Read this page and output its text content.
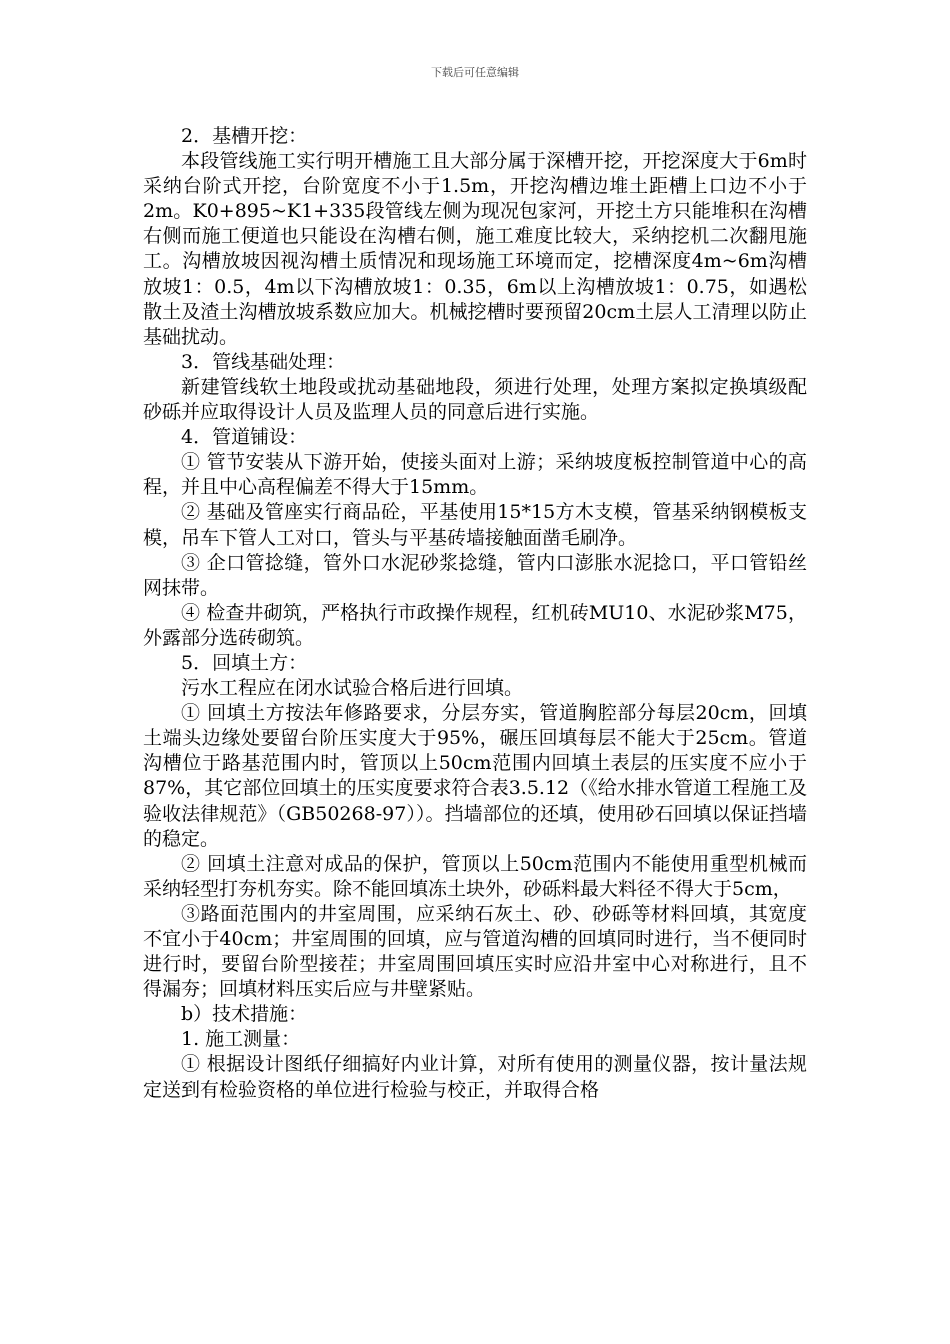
下载后可任意编辑

2．基槽开挖：

本段管线施工实行明开槽施工且大部分属于深槽开挖，开挖深度大于6m时采纳台阶式开挖，台阶宽度不小于1.5m，开挖沟槽边堆土距槽上口边不小于2m。K0+895~K1+335段管线左侧为现况包家河，开挖土方只能堆积在沟槽右侧而施工便道也只能设在沟槽右侧，施工难度比较大，采纳挖机二次翻甩施工。沟槽放坡因视沟槽土质情况和现场施工环境而定，挖槽深度4m~6m沟槽放坡1：0.5，4m以下沟槽放坡1：0.35，6m以上沟槽放坡1：0.75，如遇松散土及渣土沟槽放坡系数应加大。机械挖槽时要预留20cm土层人工清理以防止基础扰动。

3．管线基础处理：

新建管线软土地段或扰动基础地段，须进行处理，处理方案拟定换填级配砂砾并应取得设计人员及监理人员的同意后进行实施。

4．管道铺设：

① 管节安装从下游开始，使接头面对上游；采纳坡度板控制管道中心的高程，并且中心高程偏差不得大于15mm。

② 基础及管座实行商品砼，平基使用15*15方木支模，管基采纳钢模板支模，吊车下管人工对口，管头与平基砖墙接触面凿毛刷净。

③ 企口管捻缝，管外口水泥砂浆捻缝，管内口澎胀水泥捻口，平口管铅丝网抹带。

④ 检查井砌筑，严格执行市政操作规程，红机砖MU10、水泥砂浆M75，外露部分选砖砌筑。

5．回填土方：

污水工程应在闭水试验合格后进行回填。

① 回填土方按法年修路要求，分层夯实，管道胸腔部分每层20cm，回填土端头边缘处要留台阶压实度大于95%，碾压回填每层不能大于25cm。管道沟槽位于路基范围内时，管顶以上50cm范围内回填土表层的压实度不应小于87%，其它部位回填土的压实度要求符合表3.5.12（《给水排水管道工程施工及验收法律规范》（GB50268-97））。挡墙部位的还填，使用砂石回填以保证挡墙的稳定。

② 回填土注意对成品的保护，管顶以上50cm范围内不能使用重型机械而采纳轻型打夯机夯实。除不能回填冻土块外，砂砾料最大料径不得大于5cm，

③路面范围内的井室周围，应采纳石灰土、砂、砂砾等材料回填，其宽度不宜小于40cm；井室周围的回填，应与管道沟槽的回填同时进行，当不便同时进行时，要留台阶型接茬；井室周围回填压实时应沿井室中心对称进行，且不得漏夯；回填材料压实后应与井壁紧贴。

b）技术措施：

1. 施工测量：

① 根据设计图纸仔细搞好内业计算，对所有使用的测量仪器，按计量法规定送到有检验资格的单位进行检验与校正，并取得合格
